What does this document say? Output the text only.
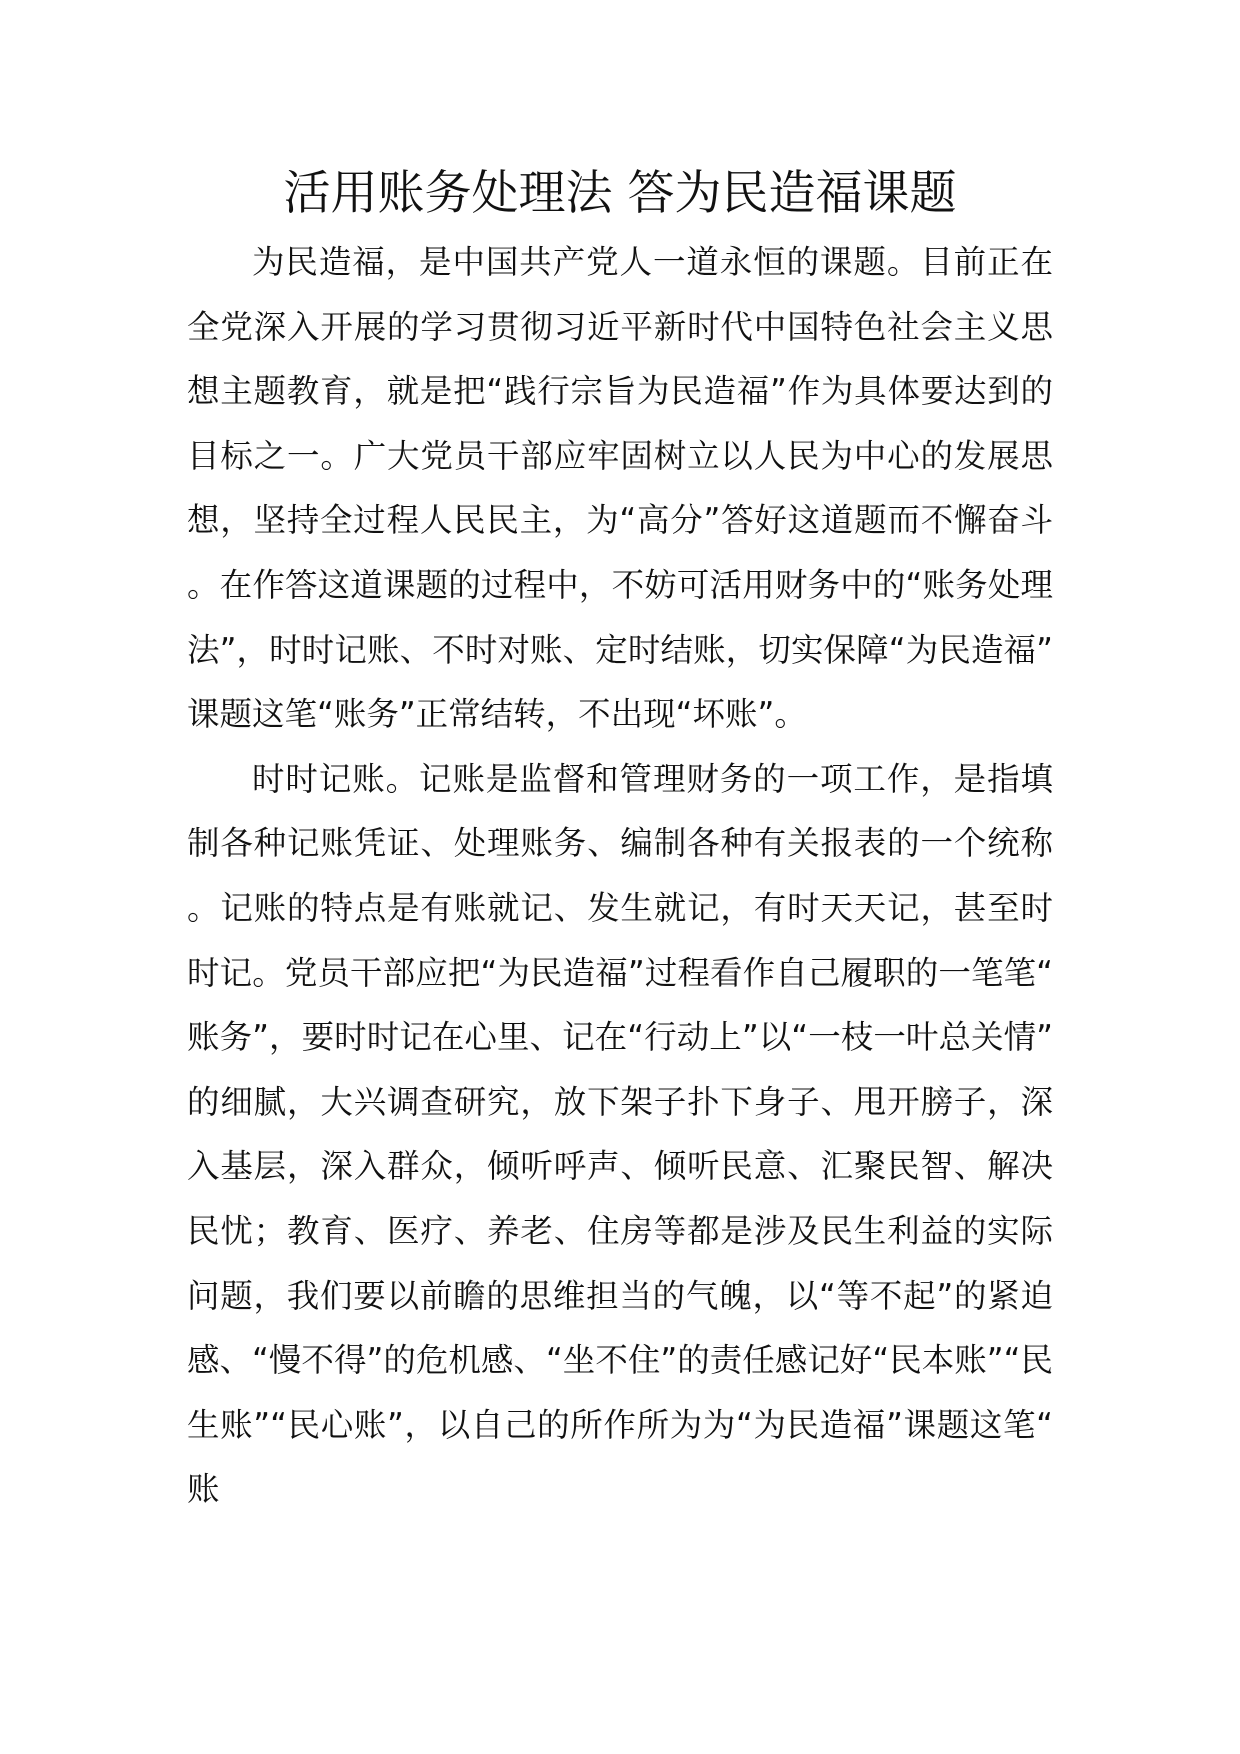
活用账务处理法 答为民造福课题

为民造福，是中国共产党人一道永恒的课题。目前正在全党深入开展的学习贯彻习近平新时代中国特色社会主义思想主题教育，就是把“践行宗旨为民造福”作为具体要达到的目标之一。广大党员干部应牢固树立以人民为中心的发展思想，坚持全过程人民民主，为“高分”答好这道题而不懈奋斗。在作答这道课题的过程中，不妨可活用财务中的“账务处理法”，时时记账、不时对账、定时结账，切实保障“为民造福”课题这笔“账务”正常结转，不出现“坏账”。

时时记账。记账是监督和管理财务的一项工作，是指填制各种记账凭证、处理账务、编制各种有关报表的一个统称。记账的特点是有账就记、发生就记，有时天天记，甚至时时记。党员干部应把“为民造福”过程看作自己履职的一笔笔“账务”，要时时记在心里、记在“行动上”以“一枝一叶总关情”的细腻，大兴调查研究，放下架子扑下身子、甩开膀子，深入基层，深入群众，倾听呼声、倾听民意、汇聚民智、解决民忧；教育、医疗、养老、住房等都是涉及民生利益的实际问题，我们要以前瞻的思维担当的气魄，以“等不起”的紧迫感、“慢不得”的危机感、“坐不住”的责任感记好“民本账”“民生账”“民心账”，以自己的所作所为为“为民造福”课题这笔“账
